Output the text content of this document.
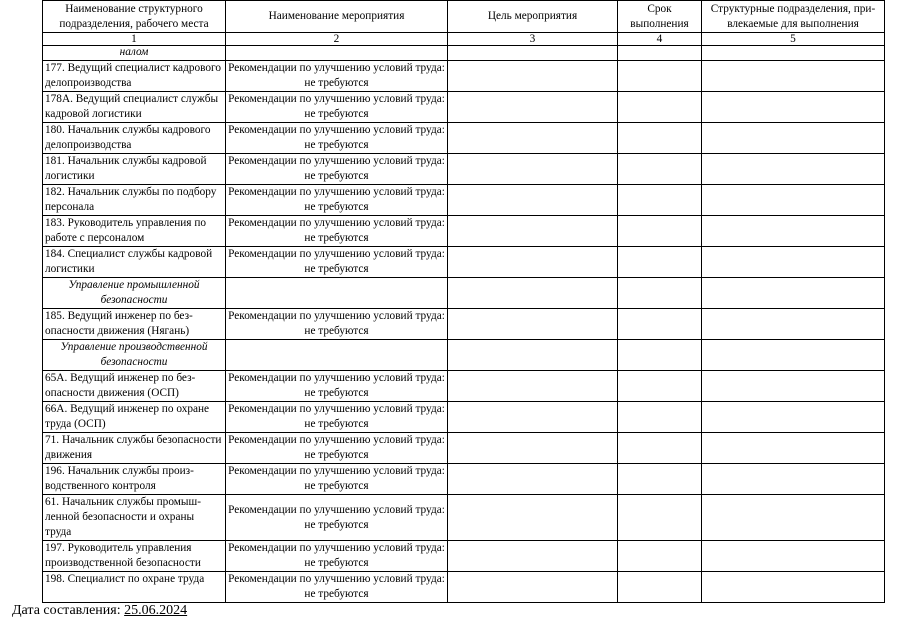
Наименование структурного подразделения, рабочего места	Наименование мероприятия	Цель мероприятия	Срок выполнения	Структурные подразделения, привлекаемые для выполнения
1	2	3	4	5
налом				
177. Ведущий специалист кадрового делопроизводства	Рекомендации по улучшению условий труда: не требуются			
178А. Ведущий специалист службы кадровой логистики	Рекомендации по улучшению условий труда: не требуются			
180. Начальник службы кадрового делопроизводства	Рекомендации по улучшению условий труда: не требуются			
181. Начальник службы кадровой логистики	Рекомендации по улучшению условий труда: не требуются			
182. Начальник службы по подбору персонала	Рекомендации по улучшению условий труда: не требуются			
183. Руководитель управления по работе с персоналом	Рекомендации по улучшению условий труда: не требуются			
184. Специалист службы кадровой логистики	Рекомендации по улучшению условий труда: не требуются			
Управление промышленной безопасности				
185. Ведущий инженер по безопасности движения (Нягань)	Рекомендации по улучшению условий труда: не требуются			
Управление производственной безопасности				
65А. Ведущий инженер по безопасности движения (ОСП)	Рекомендации по улучшению условий труда: не требуются			
66А. Ведущий инженер по охране труда (ОСП)	Рекомендации по улучшению условий труда: не требуются			
71. Начальник службы безопасности движения	Рекомендации по улучшению условий труда: не требуются			
196. Начальник службы производственного контроля	Рекомендации по улучшению условий труда: не требуются			
61. Начальник службы промышленной безопасности и охраны труда	Рекомендации по улучшению условий труда: не требуются			
197. Руководитель управления производственной безопасности	Рекомендации по улучшению условий труда: не требуются			
198. Специалист по охране труда	Рекомендации по улучшению условий труда: не требуются			
Дата составления: 25.06.2024
